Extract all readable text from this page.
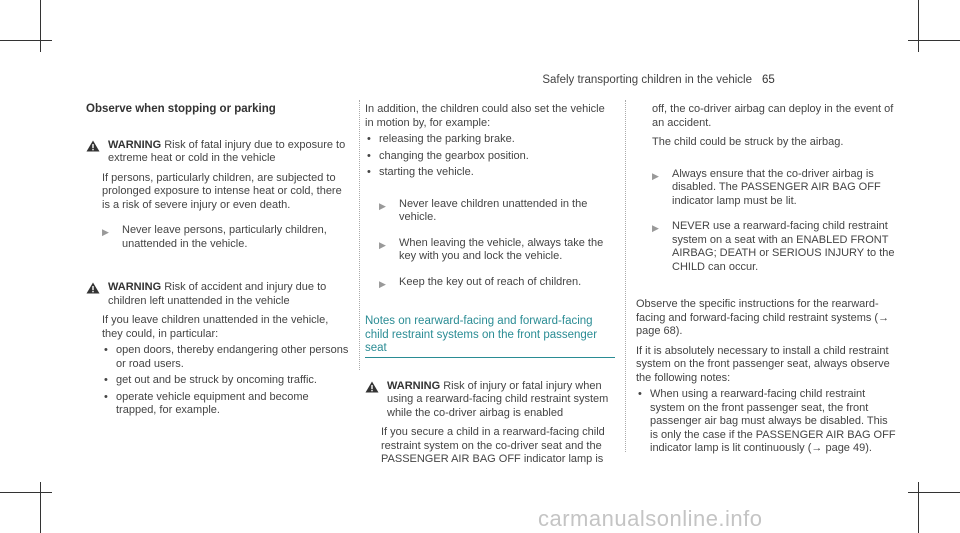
Safely transporting children in the vehicle 65
Observe when stopping or parking
WARNING Risk of fatal injury due to exposure to extreme heat or cold in the vehicle

If persons, particularly children, are subjected to prolonged exposure to intense heat or cold, there is a risk of severe injury or even death.

▶	Never leave persons, particularly children, unattended in the vehicle.
WARNING Risk of accident and injury due to children left unattended in the vehicle

If you leave children unattended in the vehicle, they could, in particular:

• open doors, thereby endangering other persons or road users.
• get out and be struck by oncoming traffic.
• operate vehicle equipment and become trapped, for example.

In addition, the children could also set the vehicle in motion by, for example:

• releasing the parking brake.
• changing the gearbox position.
• starting the vehicle.
▶	Never leave children unattended in the vehicle.
▶	When leaving the vehicle, always take the key with you and lock the vehicle.
▶	Keep the key out of reach of children.
Notes on rearward-facing and forward-facing child restraint systems on the front passenger seat
WARNING Risk of injury or fatal injury when using a rearward-facing child restraint system while the co-driver airbag is enabled

If you secure a child in a rearward-facing child restraint system on the co-driver seat and the PASSENGER AIR BAG OFF indicator lamp is

off, the co-driver airbag can deploy in the event of an accident.

The child could be struck by the airbag.

▶	Always ensure that the co-driver airbag is disabled. The PASSENGER AIR BAG OFF indicator lamp must be lit.
▶	NEVER use a rearward-facing child restraint system on a seat with an ENABLED FRONT AIRBAG; DEATH or SERIOUS INJURY to the CHILD can occur.

Observe the specific instructions for the rearward-facing and forward-facing child restraint systems (→ page 68).

If it is absolutely necessary to install a child restraint system on the front passenger seat, always observe the following notes:

• When using a rearward-facing child restraint system on the front passenger seat, the front passenger air bag must always be disabled. This is only the case if the PASSENGER AIR BAG OFF indicator lamp is lit continuously (→ page 49).
carmanualsonline.info
